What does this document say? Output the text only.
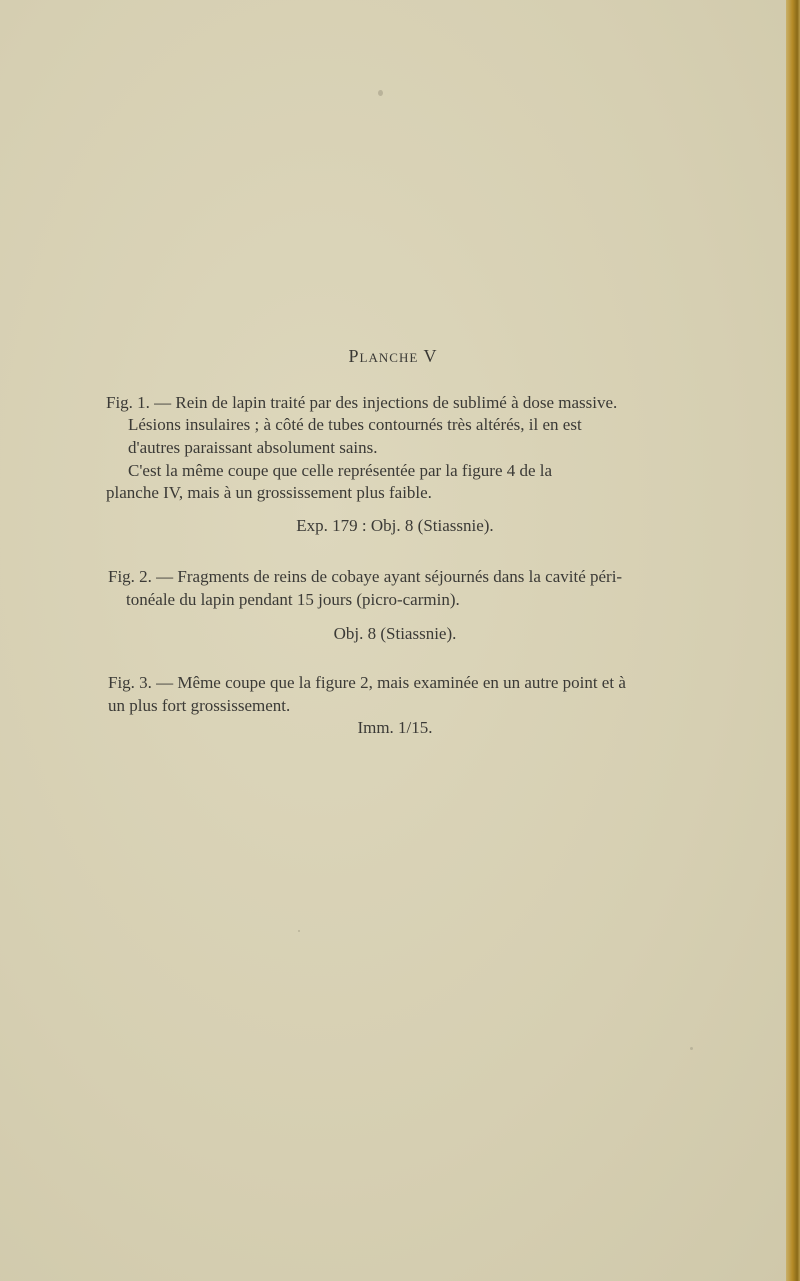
Planche V

Fig. 1. — Rein de lapin traité par des injections de sublimé à dose massive.

Lésions insulaires ; à côté de tubes contournés très altérés, il en est

d'autres paraissant absolument sains.

C'est la même coupe que celle représentée par la figure 4 de la

planche IV, mais à un grossissement plus faible.

Exp. 179 : Obj. 8 (Stiassnie).

Fig. 2. — Fragments de reins de cobaye ayant séjournés dans la cavité péri-

tonéale du lapin pendant 15 jours (picro-carmin).

Obj. 8 (Stiassnie).

Fig. 3. — Même coupe que la figure 2, mais examinée en un autre point et à

un plus fort grossissement.

Imm. 1/15.
